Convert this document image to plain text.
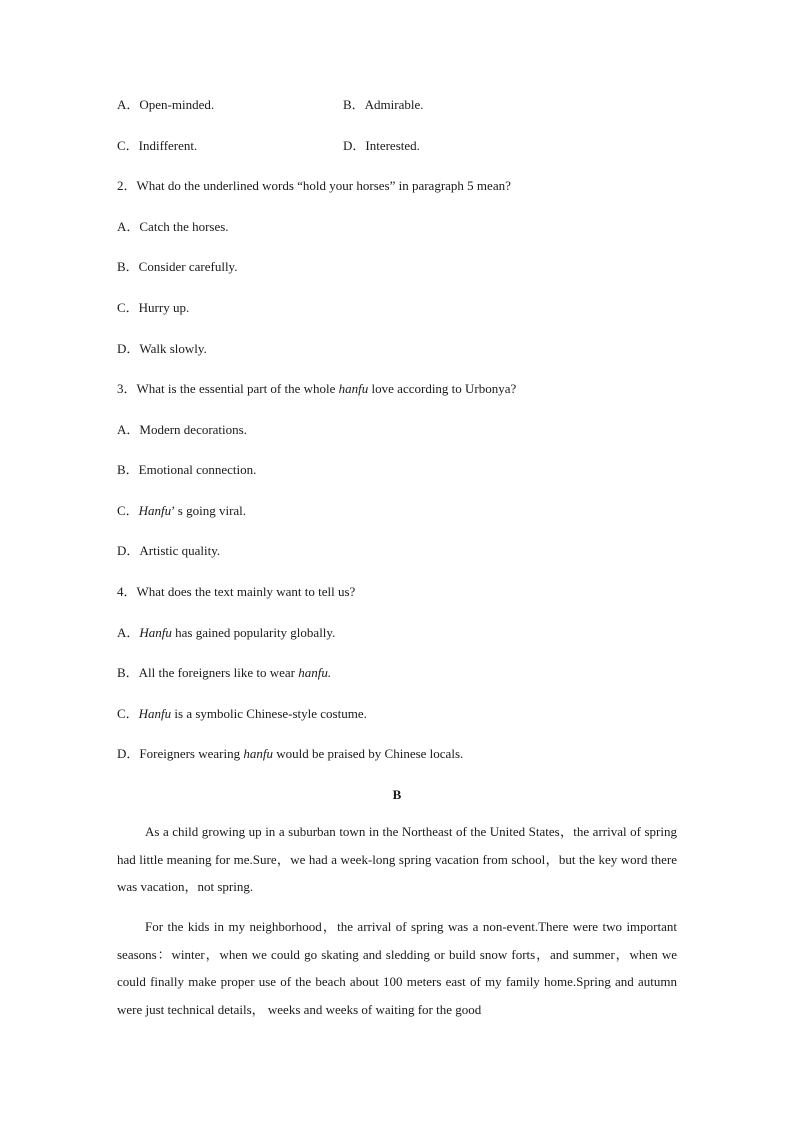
A．Open-minded.	B．Admirable.
C．Indifferent.	D．Interested.
2．What do the underlined words “hold your horses” in paragraph 5 mean?
A．Catch the horses.
B．Consider carefully.
C．Hurry up.
D．Walk slowly.
3．What is the essential part of the whole hanfu love according to Urbonya?
A．Modern decorations.
B．Emotional connection.
C．Hanfu’ s going viral.
D．Artistic quality.
4．What does the text mainly want to tell us?
A．Hanfu has gained popularity globally.
B．All the foreigners like to wear hanfu.
C．Hanfu is a symbolic Chinese-style costume.
D．Foreigners wearing hanfu would be praised by Chinese locals.
B
As a child growing up in a suburban town in the Northeast of the United States，the arrival of spring had little meaning for me.Sure，we had a week-long spring vacation from school，but the key word there was vacation，not spring.
For the kids in my neighborhood，the arrival of spring was a non-event.There were two important seasons：winter，when we could go skating and sledding or build snow forts，and summer，when we could finally make proper use of the beach about 100 meters east of my family home.Spring and autumn were just technical details， weeks and weeks of waiting for the good
